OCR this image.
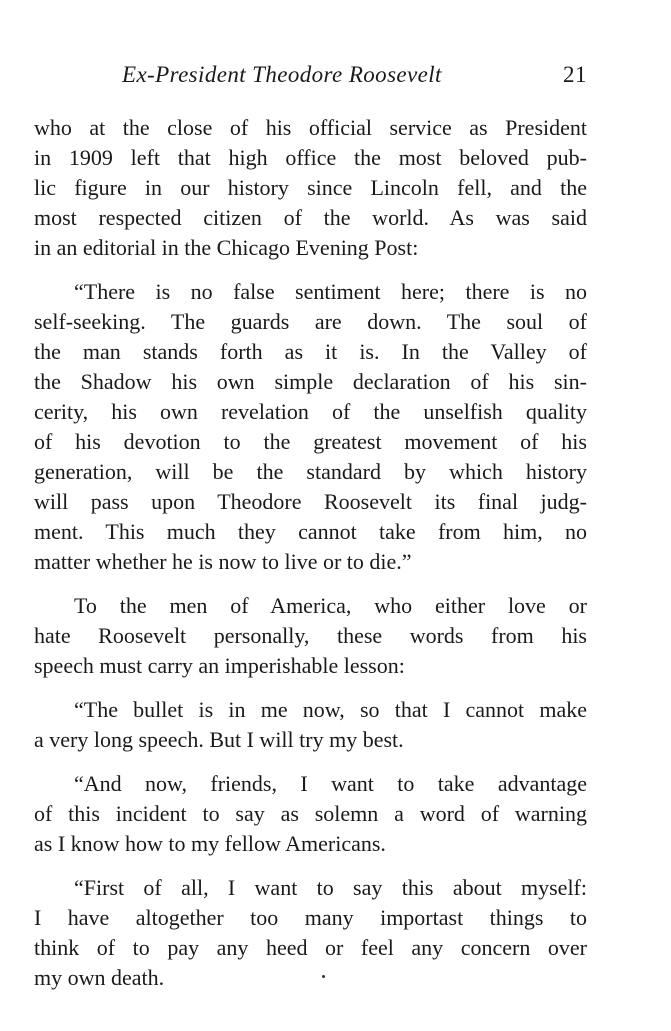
Ex-President Theodore Roosevelt	21
who at the close of his official service as President
in 1909 left that high office the most beloved pub-
lic figure in our history since Lincoln fell, and the
most respected citizen of the world. As was said
in an editorial in the Chicago Evening Post:
“There is no false sentiment here; there is no
self-seeking. The guards are down. The soul of
the man stands forth as it is. In the Valley of
the Shadow his own simple declaration of his sin-
cerity, his own revelation of the unselfish quality
of his devotion to the greatest movement of his
generation, will be the standard by which history
will pass upon Theodore Roosevelt its final judg-
ment. This much they cannot take from him, no
matter whether he is now to live or to die.”
To the men of America, who either love or
hate Roosevelt personally, these words from his
speech must carry an imperishable lesson:
“The bullet is in me now, so that I cannot make
a very long speech. But I will try my best.
“And now, friends, I want to take advantage
of this incident to say as solemn a word of warning
as I know how to my fellow Americans.
“First of all, I want to say this about myself:
I have altogether too many importast things to
think of to pay any heed or feel any concern over
my own death.
